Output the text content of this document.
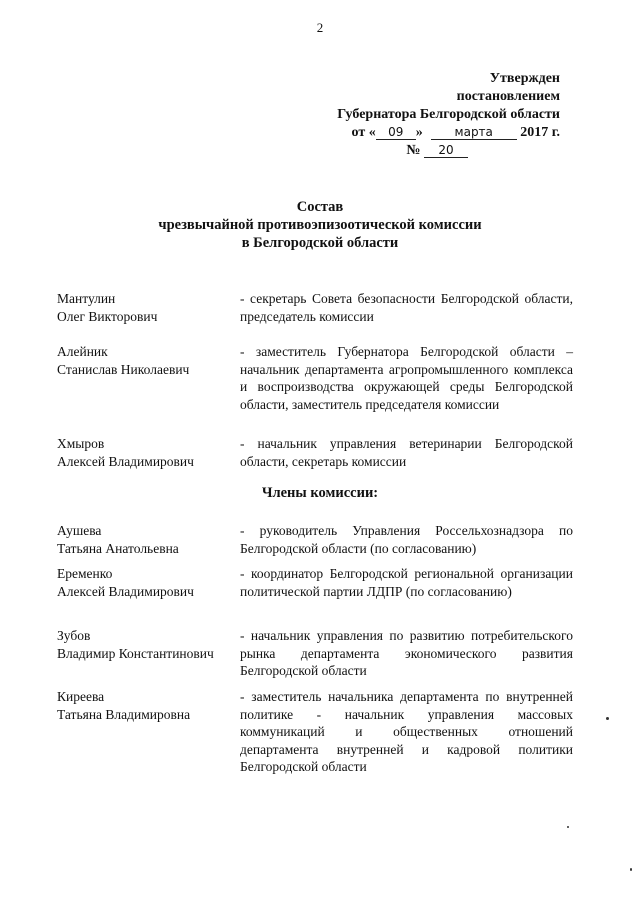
2
Утвержден
постановлением
Губернатора Белгородской области
от « 09 »	марта 2017 г.
№ 20
Состав
чрезвычайной противоэпизоотической комиссии
в Белгородской области
Мантулин
Олег Викторович
- секретарь Совета безопасности Белгородской области, председатель комиссии
Алейник
Станислав Николаевич
- заместитель Губернатора Белгородской области – начальник департамента агропромышленного комплекса и воспроизводства окружающей среды Белгородской области, заместитель председателя комиссии
Хмыров
Алексей Владимирович
- начальник управления ветеринарии Белгородской области, секретарь комиссии
Члены комиссии:
Аушева
Татьяна Анатольевна
- руководитель Управления Россельхознадзора по Белгородской области (по согласованию)
Еременко
Алексей Владимирович
- координатор Белгородской региональной организации политической партии ЛДПР (по согласованию)
Зубов
Владимир Константинович
- начальник управления по развитию потребительского рынка департамента экономического развития Белгородской области
Киреева
Татьяна Владимировна
- заместитель начальника департамента по внутренней политике - начальник управления массовых коммуникаций и общественных отношений департамента внутренней и кадровой политики Белгородской области
